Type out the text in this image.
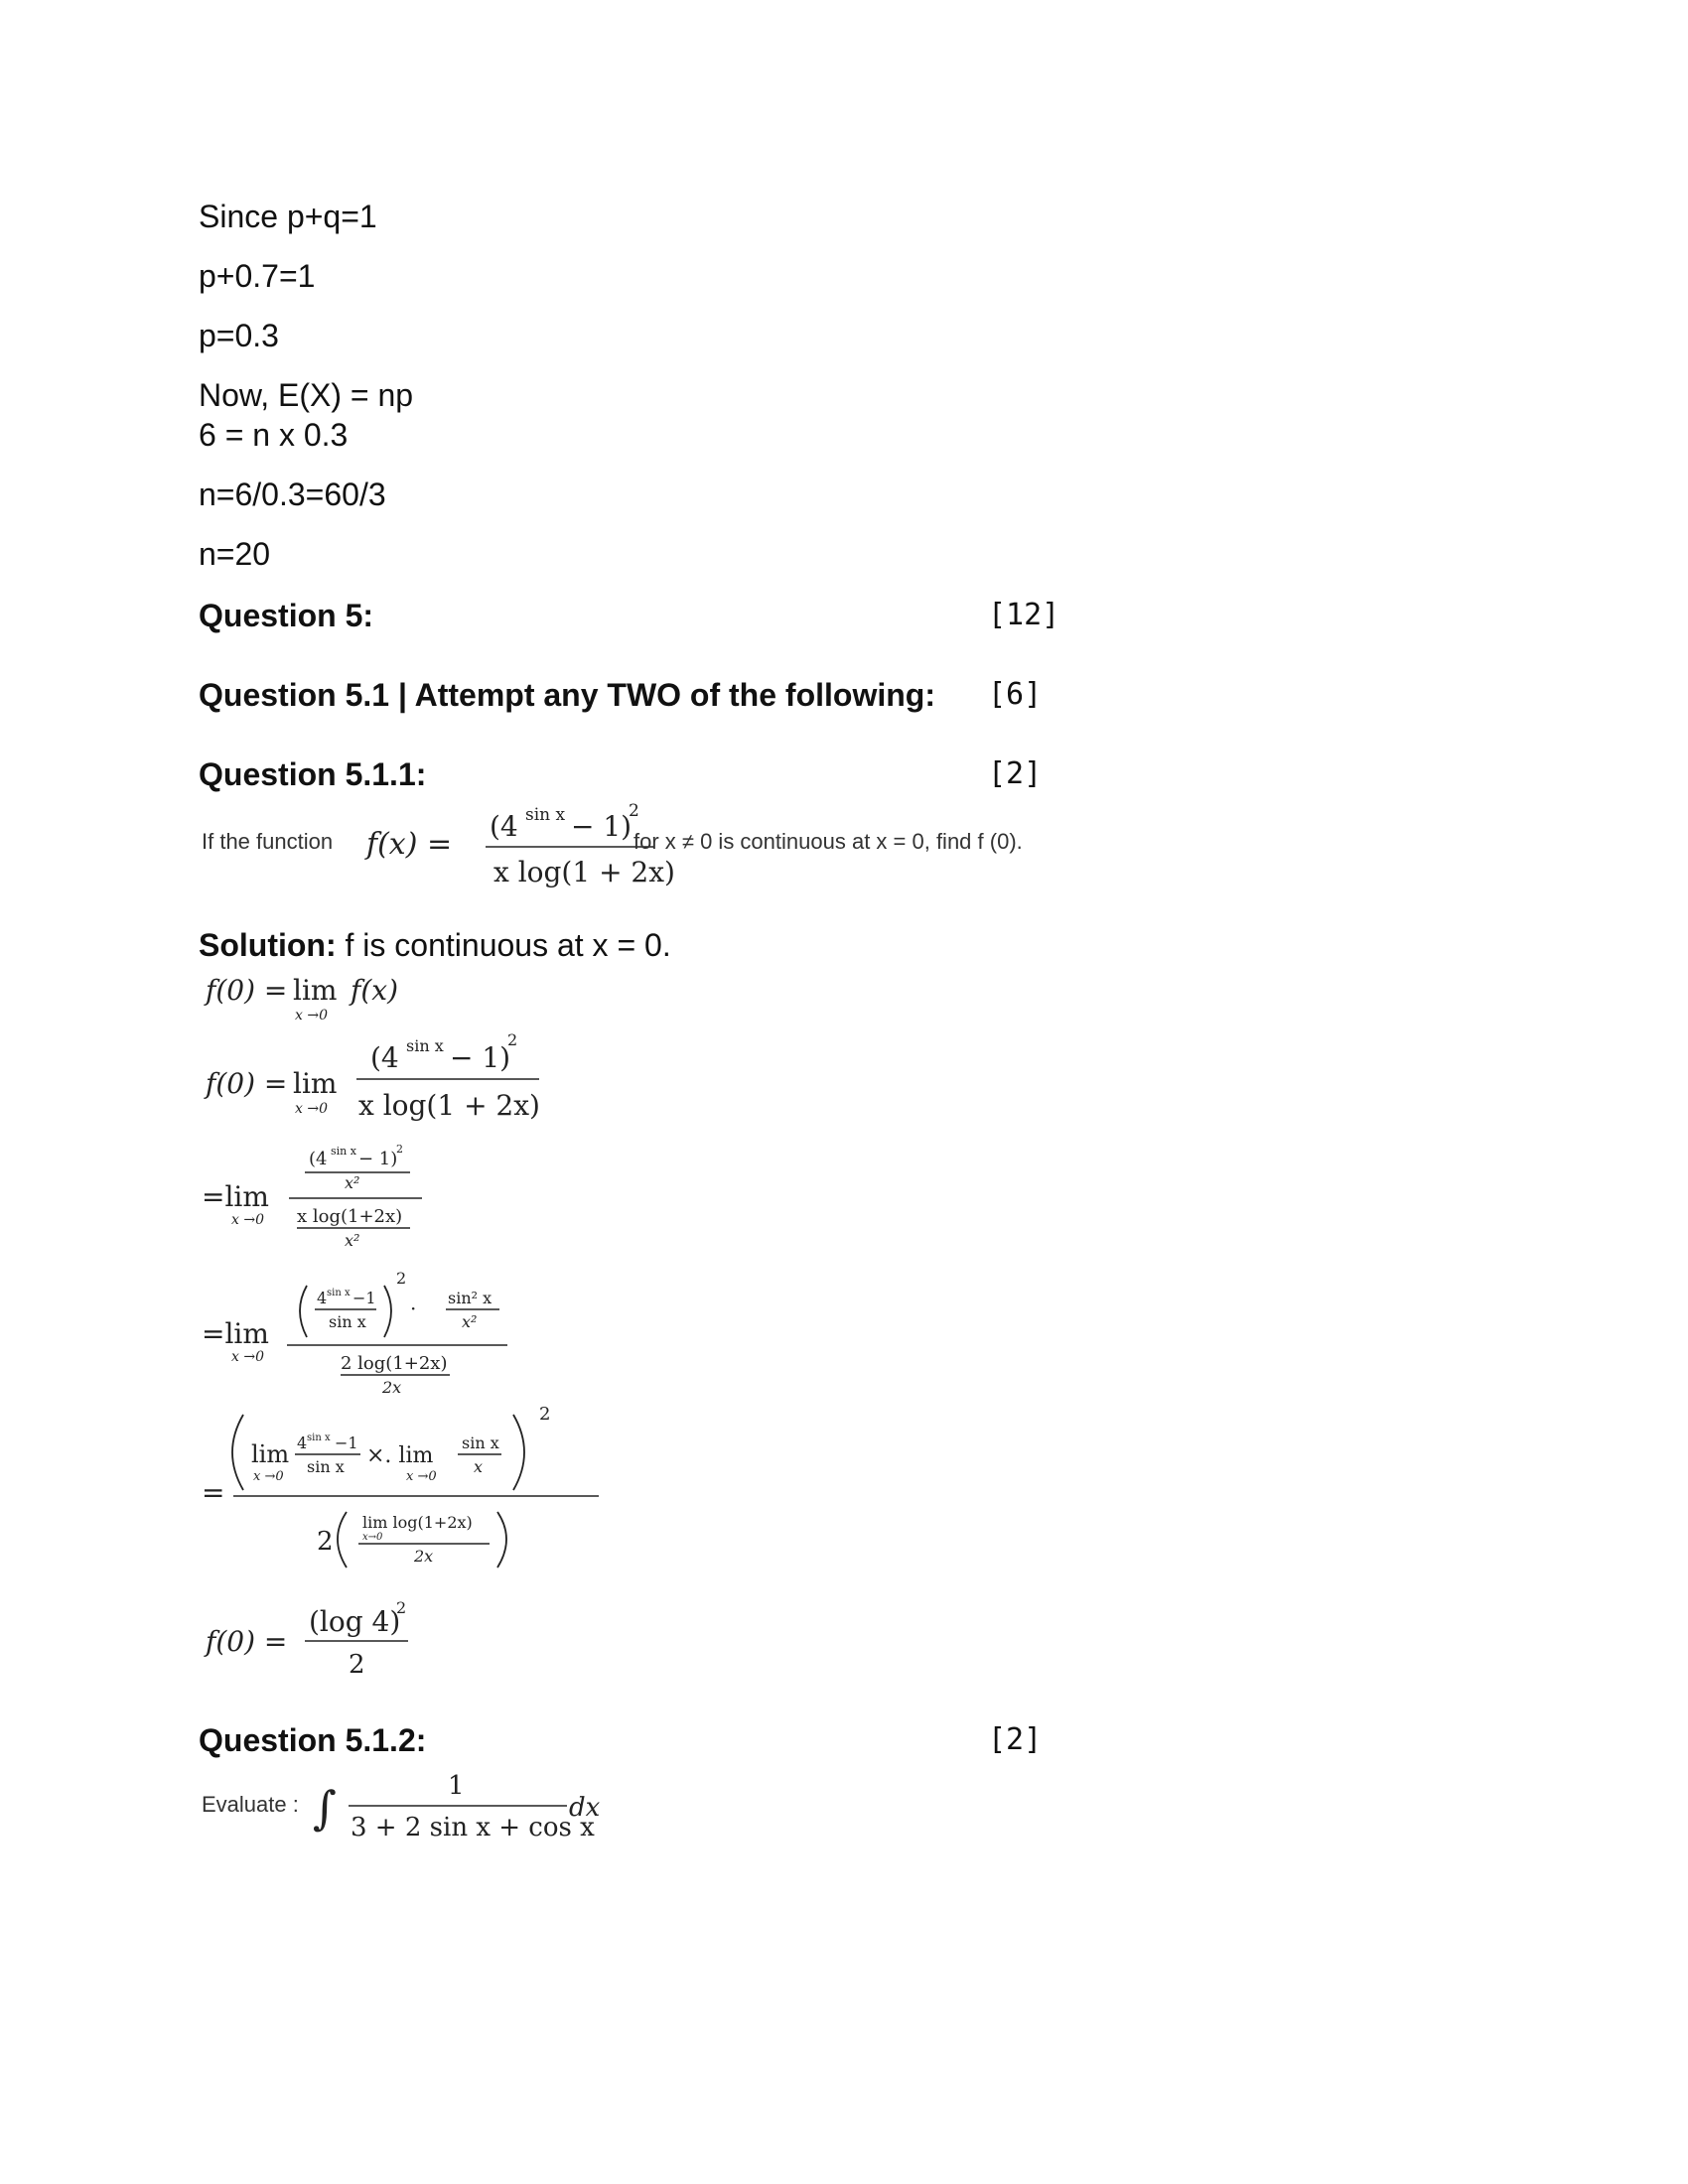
Since p+q=1
p+0.7=1
p=0.3
Now, E(X) = np
6 = n x 0.3
n=6/0.3=60/3
n=20
Question 5:	[12]
Question 5.1 | Attempt any TWO of the following: [6]
Question 5.1.1:	[2]
If the function f(x) =
(4 sin x − 1)
2
x log(1 + 2x)
for x ≠ 0 is continuous at x = 0, find f (0).
Solution: f is continuous at x = 0.
f(0) = lim
x →0
f(x)
f(0) = lim
x →0
(4 sin x − 1)
2
x log(1 + 2x)
=lim
x →0
(4 sin x − 1)
2
x²
x log(1+2x)
x²
=lim
x →0
4 sin x −1
sin x
2
· sin² x
x²
2 log(1+2x)
2x
=
lim
x →0
4 sin x −1
sin x ×. lim
x →0
sin x
x
2
2
lim log(1+2x)
x→0
2x
f(0) =
(log 4)
2
2
Question 5.1.2:	[2]
Evaluate : ∫	1
3 + 2 sin x + cos x
dx
